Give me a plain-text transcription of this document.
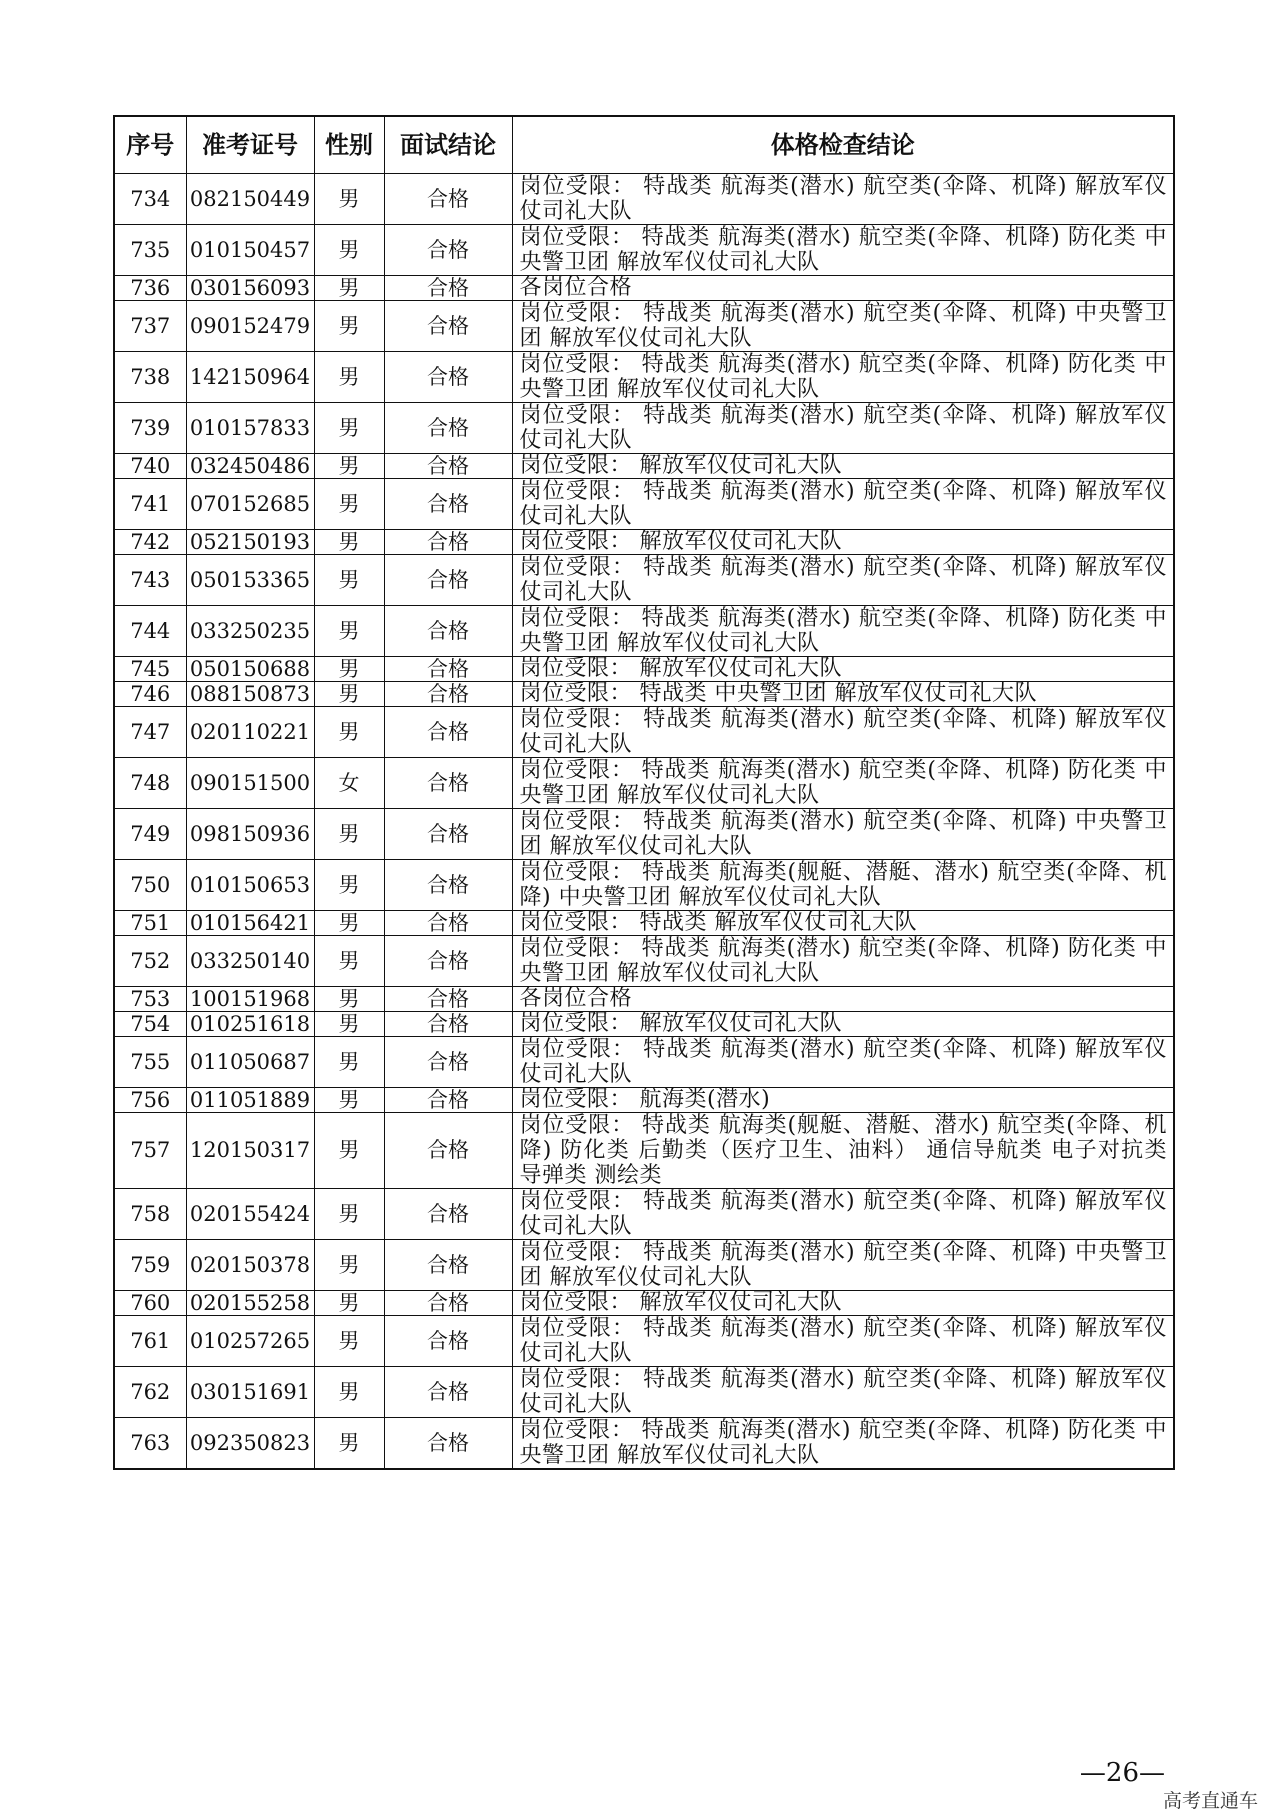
序号	准考证号	性别	面试结论	体格检查结论
734	082150449	男	合格	岗位受限： 特战类 航海类(潜水) 航空类(伞降、机降) 解放军仪仗司礼大队
735	010150457	男	合格	岗位受限： 特战类 航海类(潜水) 航空类(伞降、机降) 防化类 中央警卫团 解放军仪仗司礼大队
736	030156093	男	合格	各岗位合格
737	090152479	男	合格	岗位受限： 特战类 航海类(潜水) 航空类(伞降、机降) 中央警卫团 解放军仪仗司礼大队
738	142150964	男	合格	岗位受限： 特战类 航海类(潜水) 航空类(伞降、机降) 防化类 中央警卫团 解放军仪仗司礼大队
739	010157833	男	合格	岗位受限： 特战类 航海类(潜水) 航空类(伞降、机降) 解放军仪仗司礼大队
740	032450486	男	合格	岗位受限： 解放军仪仗司礼大队
741	070152685	男	合格	岗位受限： 特战类 航海类(潜水) 航空类(伞降、机降) 解放军仪仗司礼大队
742	052150193	男	合格	岗位受限： 解放军仪仗司礼大队
743	050153365	男	合格	岗位受限： 特战类 航海类(潜水) 航空类(伞降、机降) 解放军仪仗司礼大队
744	033250235	男	合格	岗位受限： 特战类 航海类(潜水) 航空类(伞降、机降) 防化类 中央警卫团 解放军仪仗司礼大队
745	050150688	男	合格	岗位受限： 解放军仪仗司礼大队
746	088150873	男	合格	岗位受限： 特战类 中央警卫团 解放军仪仗司礼大队
747	020110221	男	合格	岗位受限： 特战类 航海类(潜水) 航空类(伞降、机降) 解放军仪仗司礼大队
748	090151500	女	合格	岗位受限： 特战类 航海类(潜水) 航空类(伞降、机降) 防化类 中央警卫团 解放军仪仗司礼大队
749	098150936	男	合格	岗位受限： 特战类 航海类(潜水) 航空类(伞降、机降) 中央警卫团 解放军仪仗司礼大队
750	010150653	男	合格	岗位受限： 特战类 航海类(舰艇、潜艇、潜水) 航空类(伞降、机降) 中央警卫团 解放军仪仗司礼大队
751	010156421	男	合格	岗位受限： 特战类 解放军仪仗司礼大队
752	033250140	男	合格	岗位受限： 特战类 航海类(潜水) 航空类(伞降、机降) 防化类 中央警卫团 解放军仪仗司礼大队
753	100151968	男	合格	各岗位合格
754	010251618	男	合格	岗位受限： 解放军仪仗司礼大队
755	011050687	男	合格	岗位受限： 特战类 航海类(潜水) 航空类(伞降、机降) 解放军仪仗司礼大队
756	011051889	男	合格	岗位受限： 航海类(潜水)
757	120150317	男	合格	岗位受限： 特战类 航海类(舰艇、潜艇、潜水) 航空类(伞降、机降) 防化类 后勤类（医疗卫生、油料） 通信导航类 电子对抗类 导弹类 测绘类
758	020155424	男	合格	岗位受限： 特战类 航海类(潜水) 航空类(伞降、机降) 解放军仪仗司礼大队
759	020150378	男	合格	岗位受限： 特战类 航海类(潜水) 航空类(伞降、机降) 中央警卫团 解放军仪仗司礼大队
760	020155258	男	合格	岗位受限： 解放军仪仗司礼大队
761	010257265	男	合格	岗位受限： 特战类 航海类(潜水) 航空类(伞降、机降) 解放军仪仗司礼大队
762	030151691	男	合格	岗位受限： 特战类 航海类(潜水) 航空类(伞降、机降) 解放军仪仗司礼大队
763	092350823	男	合格	岗位受限： 特战类 航海类(潜水) 航空类(伞降、机降) 防化类 中央警卫团 解放军仪仗司礼大队
—26—
高考直通车
